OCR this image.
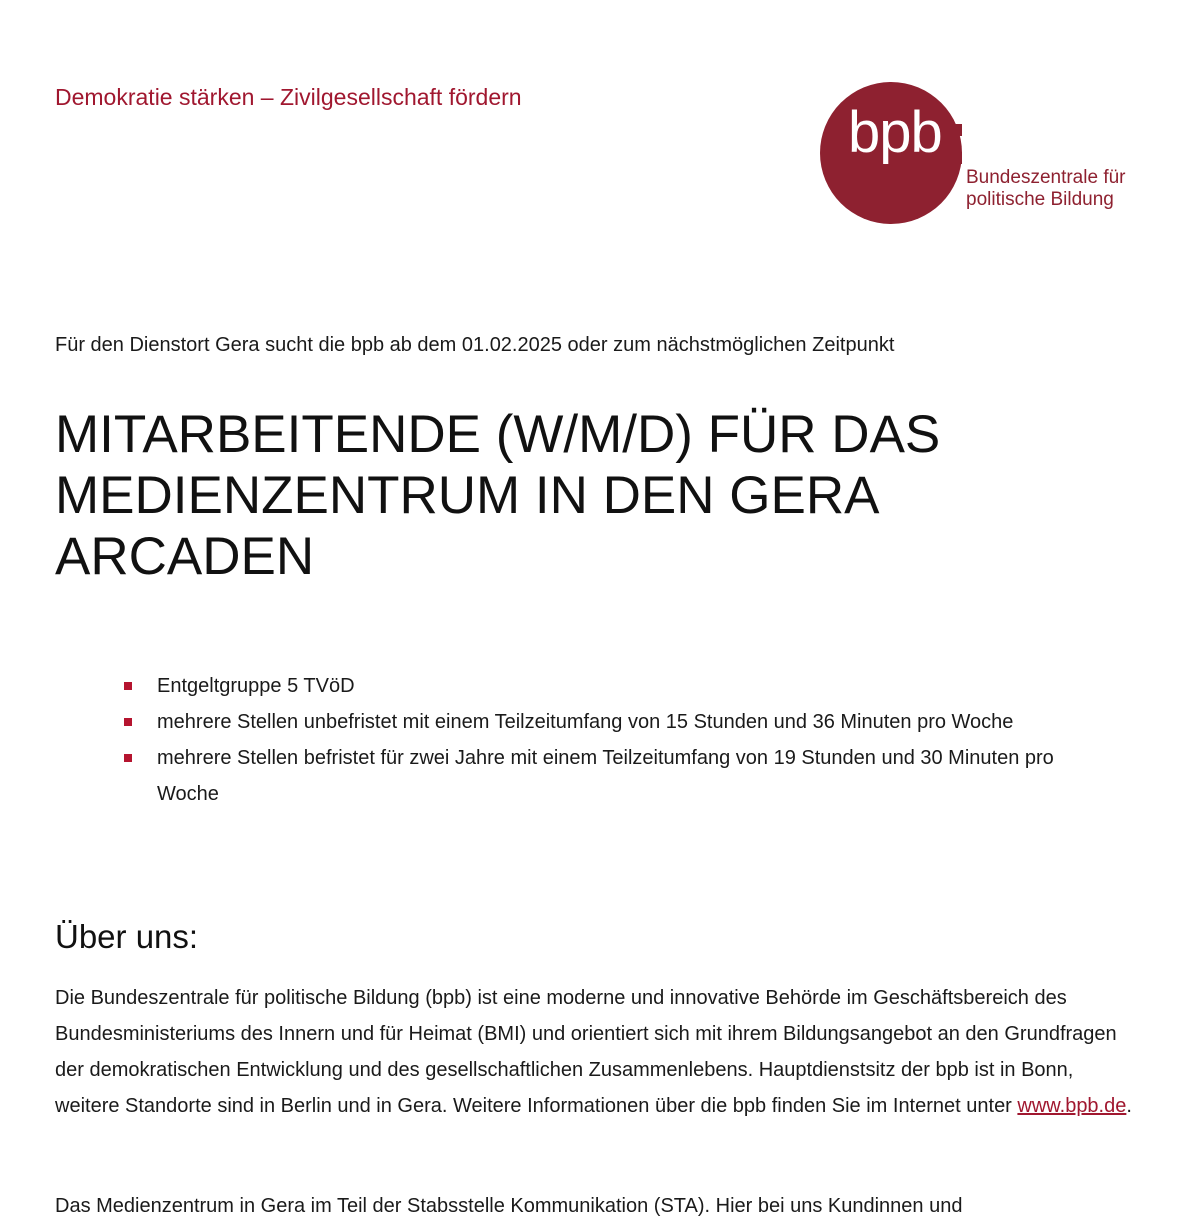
Demokratie stärken – Zivilgesellschaft fördern

bpb
Bundeszentrale für
politische Bildung

Für den Dienstort Gera sucht die bpb ab dem 01.02.2025 oder zum nächstmöglichen Zeitpunkt

MITARBEITENDE (W/M/D) FÜR DAS MEDIENZENTRUM IN DEN GERA ARCADEN
Entgeltgruppe 5 TVöD
mehrere Stellen unbefristet mit einem Teilzeitumfang von 15 Stunden und 36 Minuten pro Woche
mehrere Stellen befristet für zwei Jahre mit einem Teilzeitumfang von 19 Stunden und 30 Minuten pro Woche
Über uns:

Die Bundeszentrale für politische Bildung (bpb) ist eine moderne und innovative Behörde im Geschäftsbereich des Bundesministeriums des Innern und für Heimat (BMI) und orientiert sich mit ihrem Bildungsangebot an den Grundfragen der demokratischen Entwicklung und des gesellschaftlichen Zusammenlebens. Hauptdienstsitz der bpb ist in Bonn, weitere Standorte sind in Berlin und in Gera. Weitere Informationen über die bpb finden Sie im Internet unter www.bpb.de.

Das Medienzentrum in Gera im Teil der Stabsstelle Kommunikation (STA). Hier bei uns Kundinnen und
